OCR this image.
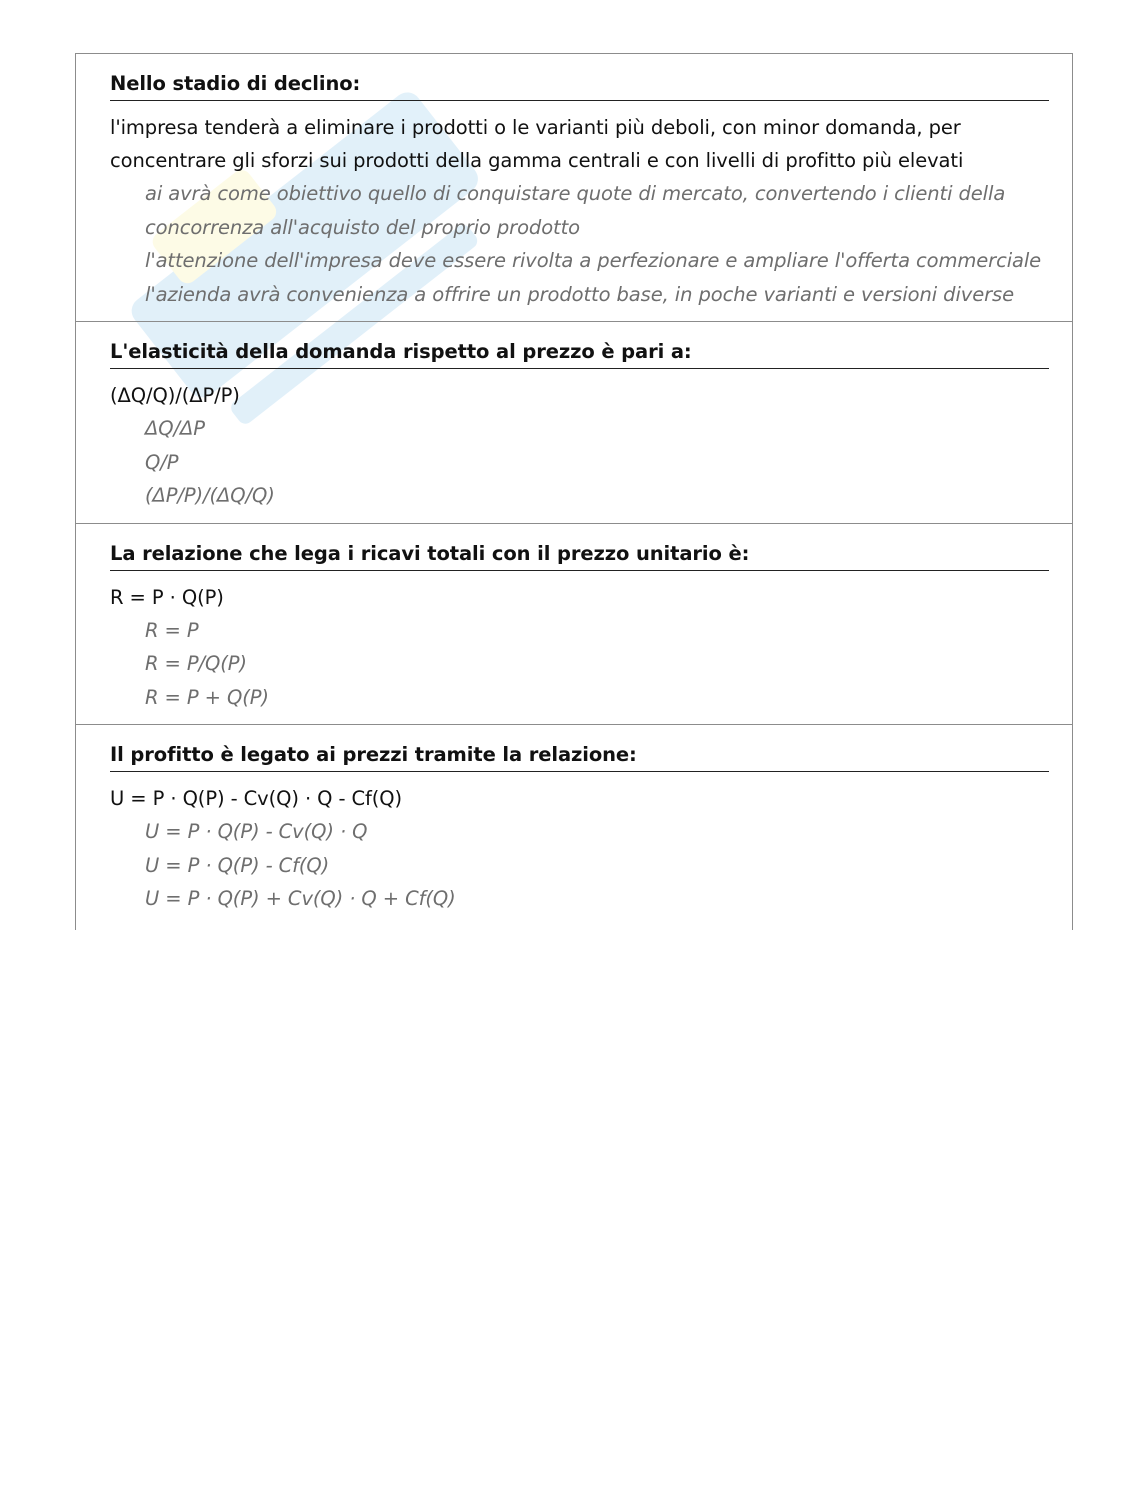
Nello stadio di declino:
l'impresa tenderà a eliminare i prodotti o le varianti più deboli, con minor domanda, per concentrare gli sforzi sui prodotti della gamma centrali e con livelli di profitto più elevati
ai avrà come obiettivo quello di conquistare quote di mercato, convertendo i clienti della concorrenza all'acquisto del proprio prodotto
l'attenzione dell'impresa deve essere rivolta a perfezionare e ampliare l'offerta commerciale
l'azienda avrà convenienza a offrire un prodotto base, in poche varianti e versioni diverse
L'elasticità della domanda rispetto al prezzo è pari a:
(ΔQ/Q)/(ΔP/P)
ΔQ/ΔP
Q/P
(ΔP/P)/(ΔQ/Q)
La relazione che lega i ricavi totali con il prezzo unitario è:
R = P · Q(P)
R = P
R = P/Q(P)
R = P + Q(P)
Il profitto è legato ai prezzi tramite la relazione:
U = P · Q(P) - Cv(Q) · Q - Cf(Q)
U = P · Q(P) - Cv(Q) · Q
U = P · Q(P) - Cf(Q)
U = P · Q(P) + Cv(Q) · Q + Cf(Q)
